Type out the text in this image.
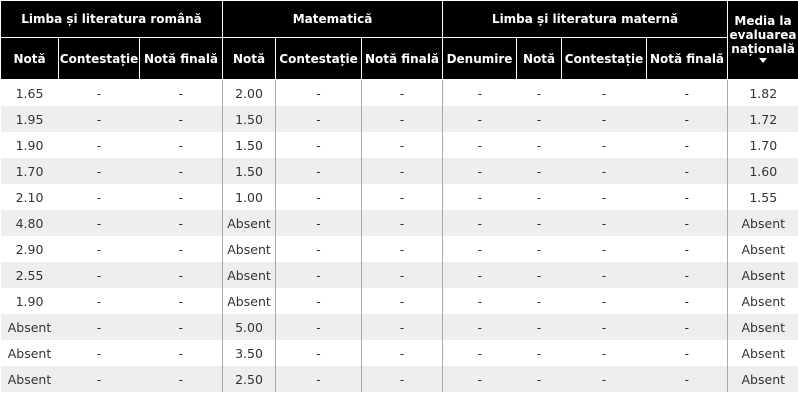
Limba și literatura română			Matematică			Limba și literatura maternă				Media la evaluarea națională

Notă	Contestație	Notă finală	Notă	Contestație	Notă finală	Denumire	Notă	Contestație	Notă finală	
1.65	-	-	2.00	-	-	-	-	-	-	1.82
1.95	-	-	1.50	-	-	-	-	-	-	1.72
1.90	-	-	1.50	-	-	-	-	-	-	1.70
1.70	-	-	1.50	-	-	-	-	-	-	1.60
2.10	-	-	1.00	-	-	-	-	-	-	1.55
4.80	-	-	Absent	-	-	-	-	-	-	Absent
2.90	-	-	Absent	-	-	-	-	-	-	Absent
2.55	-	-	Absent	-	-	-	-	-	-	Absent
1.90	-	-	Absent	-	-	-	-	-	-	Absent
Absent	-	-	5.00	-	-	-	-	-	-	Absent
Absent	-	-	3.50	-	-	-	-	-	-	Absent
Absent	-	-	2.50	-	-	-	-	-	-	Absent
